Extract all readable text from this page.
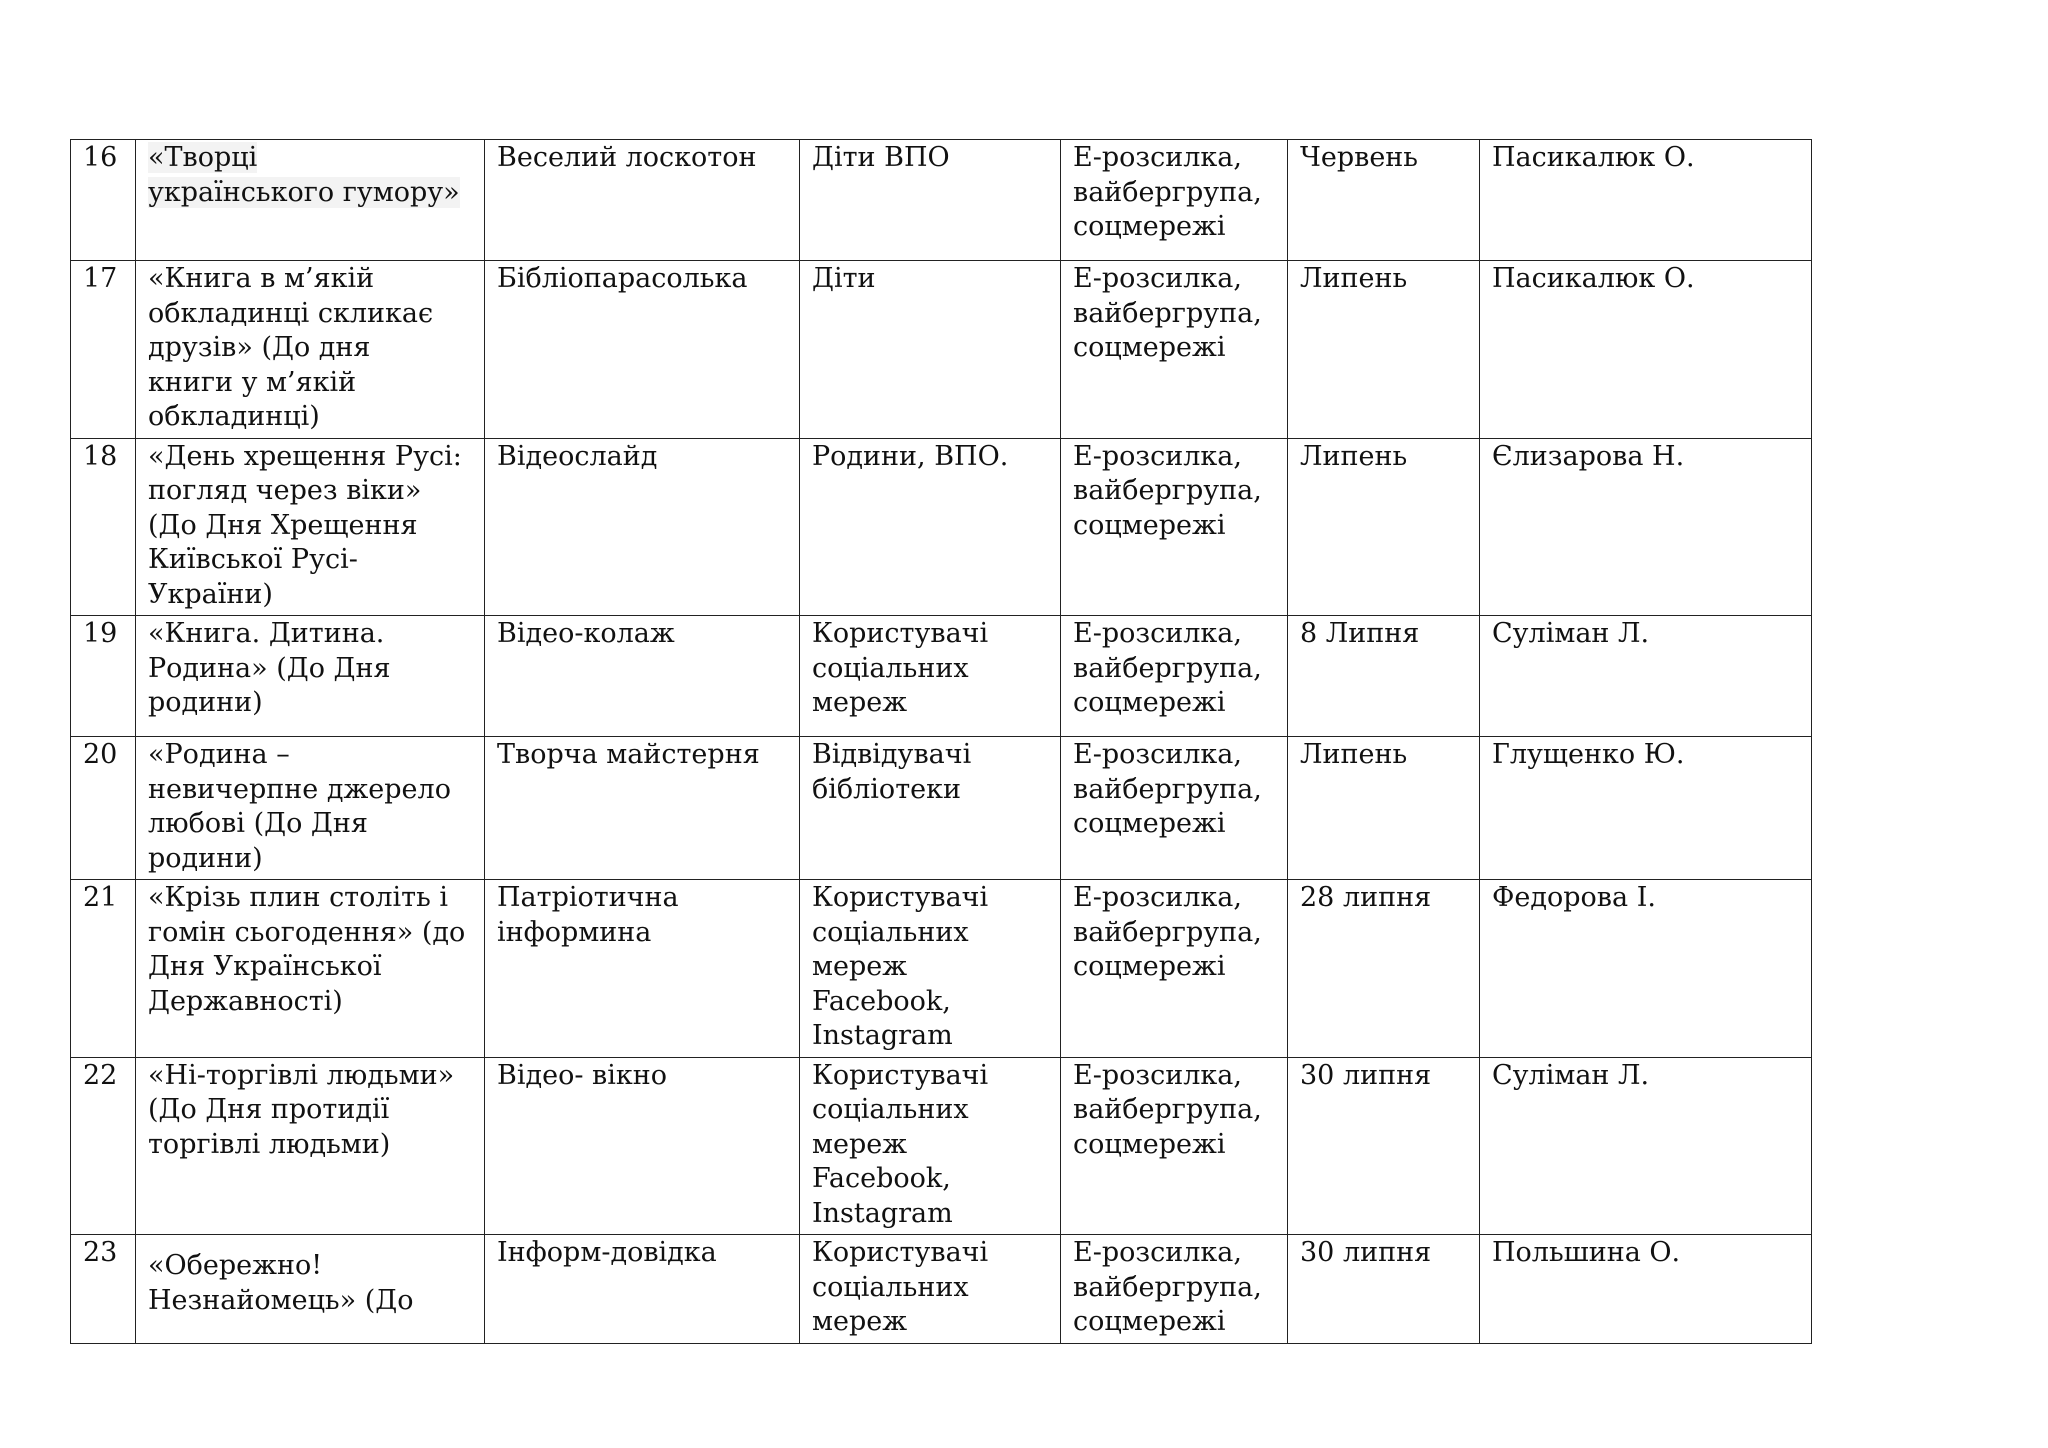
16	«Творці
українського гумору»	Веселий лоскотон	Діти ВПО	Е-розсилка,
вайбергрупа,
соцмережі	Червень	Пасикалюк О.
17	«Книга в м’якій
обкладинці скликає
друзів» (До дня
книги у м’якій
обкладинці)	Бібліопарасолька	Діти	Е-розсилка,
вайбергрупа,
соцмережі	Липень	Пасикалюк О.
18	«День хрещення Русі:
погляд через віки»
(До Дня Хрещення
Київської Русі-
України)	Відеослайд	Родини, ВПО.	Е-розсилка,
вайбергрупа,
соцмережі	Липень	Єлизарова Н.
19	«Книга. Дитина.
Родина» (До Дня
родини)	Відео-колаж	Користувачі
соціальних
мереж	Е-розсилка,
вайбергрупа,
соцмережі	8 Липня	Суліман Л.
20	«Родина –
невичерпне джерело
любові (До Дня
родини)	Творча майстерня	Відвідувачі
бібліотеки	Е-розсилка,
вайбергрупа,
соцмережі	Липень	Глущенко Ю.
21	«Крізь плин століть і
гомін сьогодення» (до
Дня Української
Державності)	Патріотична
інформина	Користувачі
соціальних
мереж
Facebook,
Instagram	Е-розсилка,
вайбергрупа,
соцмережі	28 липня	Федорова І.
22	«Ні-торгівлі людьми»
(До Дня протидії
торгівлі людьми)	Відео- вікно	Користувачі
соціальних
мереж
Facebook,
Instagram	Е-розсилка,
вайбергрупа,
соцмережі	30 липня	Суліман Л.
23	«Обережно!
Незнайомець» (До	Інформ-довідка	Користувачі
соціальних
мереж	Е-розсилка,
вайбергрупа,
соцмережі	30 липня	Польшина О.
